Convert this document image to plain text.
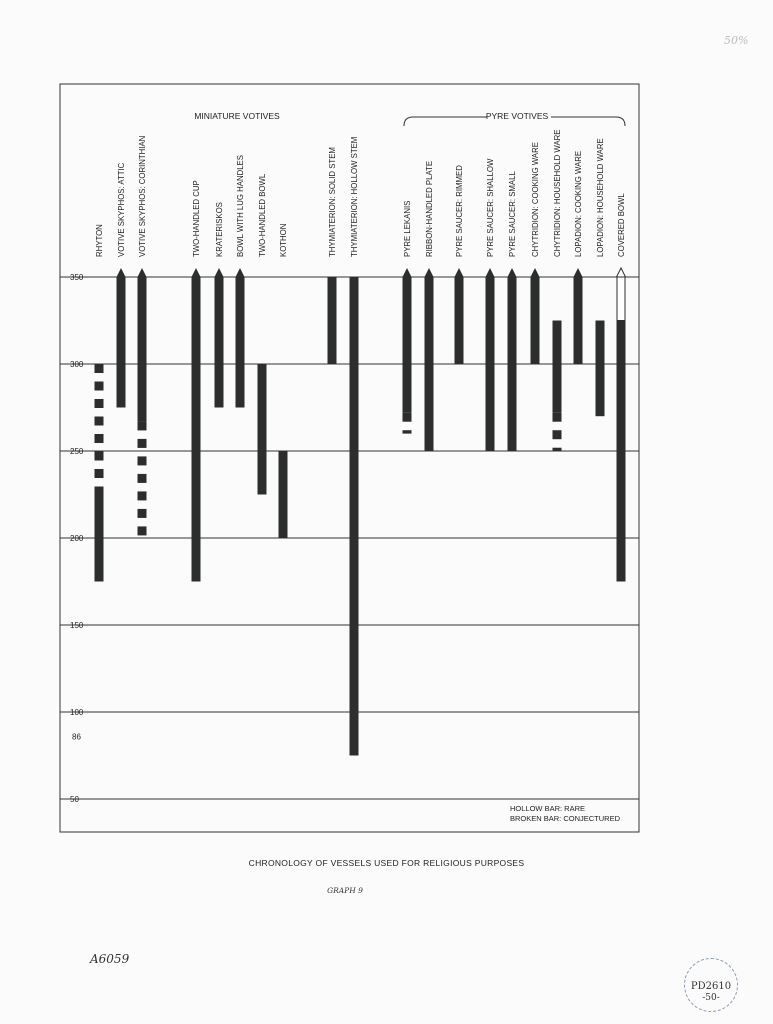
350
300
250
200
150
100
50
86
RHYTON VOTIVE SKYPHOS: ATTIC VOTIVE SKYPHOS: CORINTHIAN	TWO-HANDLED CUP KRATERISKOS BOWL WITH LUG HANDLES TWO-HANDLED BOWL KOTHON	THYMIATERION: SOLID STEM THYMIATERION: HOLLOW STEM	PYRE LEKANIS RIBBON-HANDLED PLATE	PYRE SAUCER: RIMMED	PYRE SAUCER: SHALLOW PYRE SAUCER: SMALL CHYTRIDION: COOKING WARE CHYTRIDION: HOUSEHOLD WARE LOPADION: COOKING WARE LOPADION: HOUSEHOLD WARE COVERED BOWL
MINIATURE VOTIVES	PYRE VOTIVES
HOLLOW BAR: RARE
BROKEN BAR: CONJECTURED
50%
CHRONOLOGY OF VESSELS USED FOR RELIGIOUS PURPOSES
GRAPH 9
A6059
PD2610
-50-
